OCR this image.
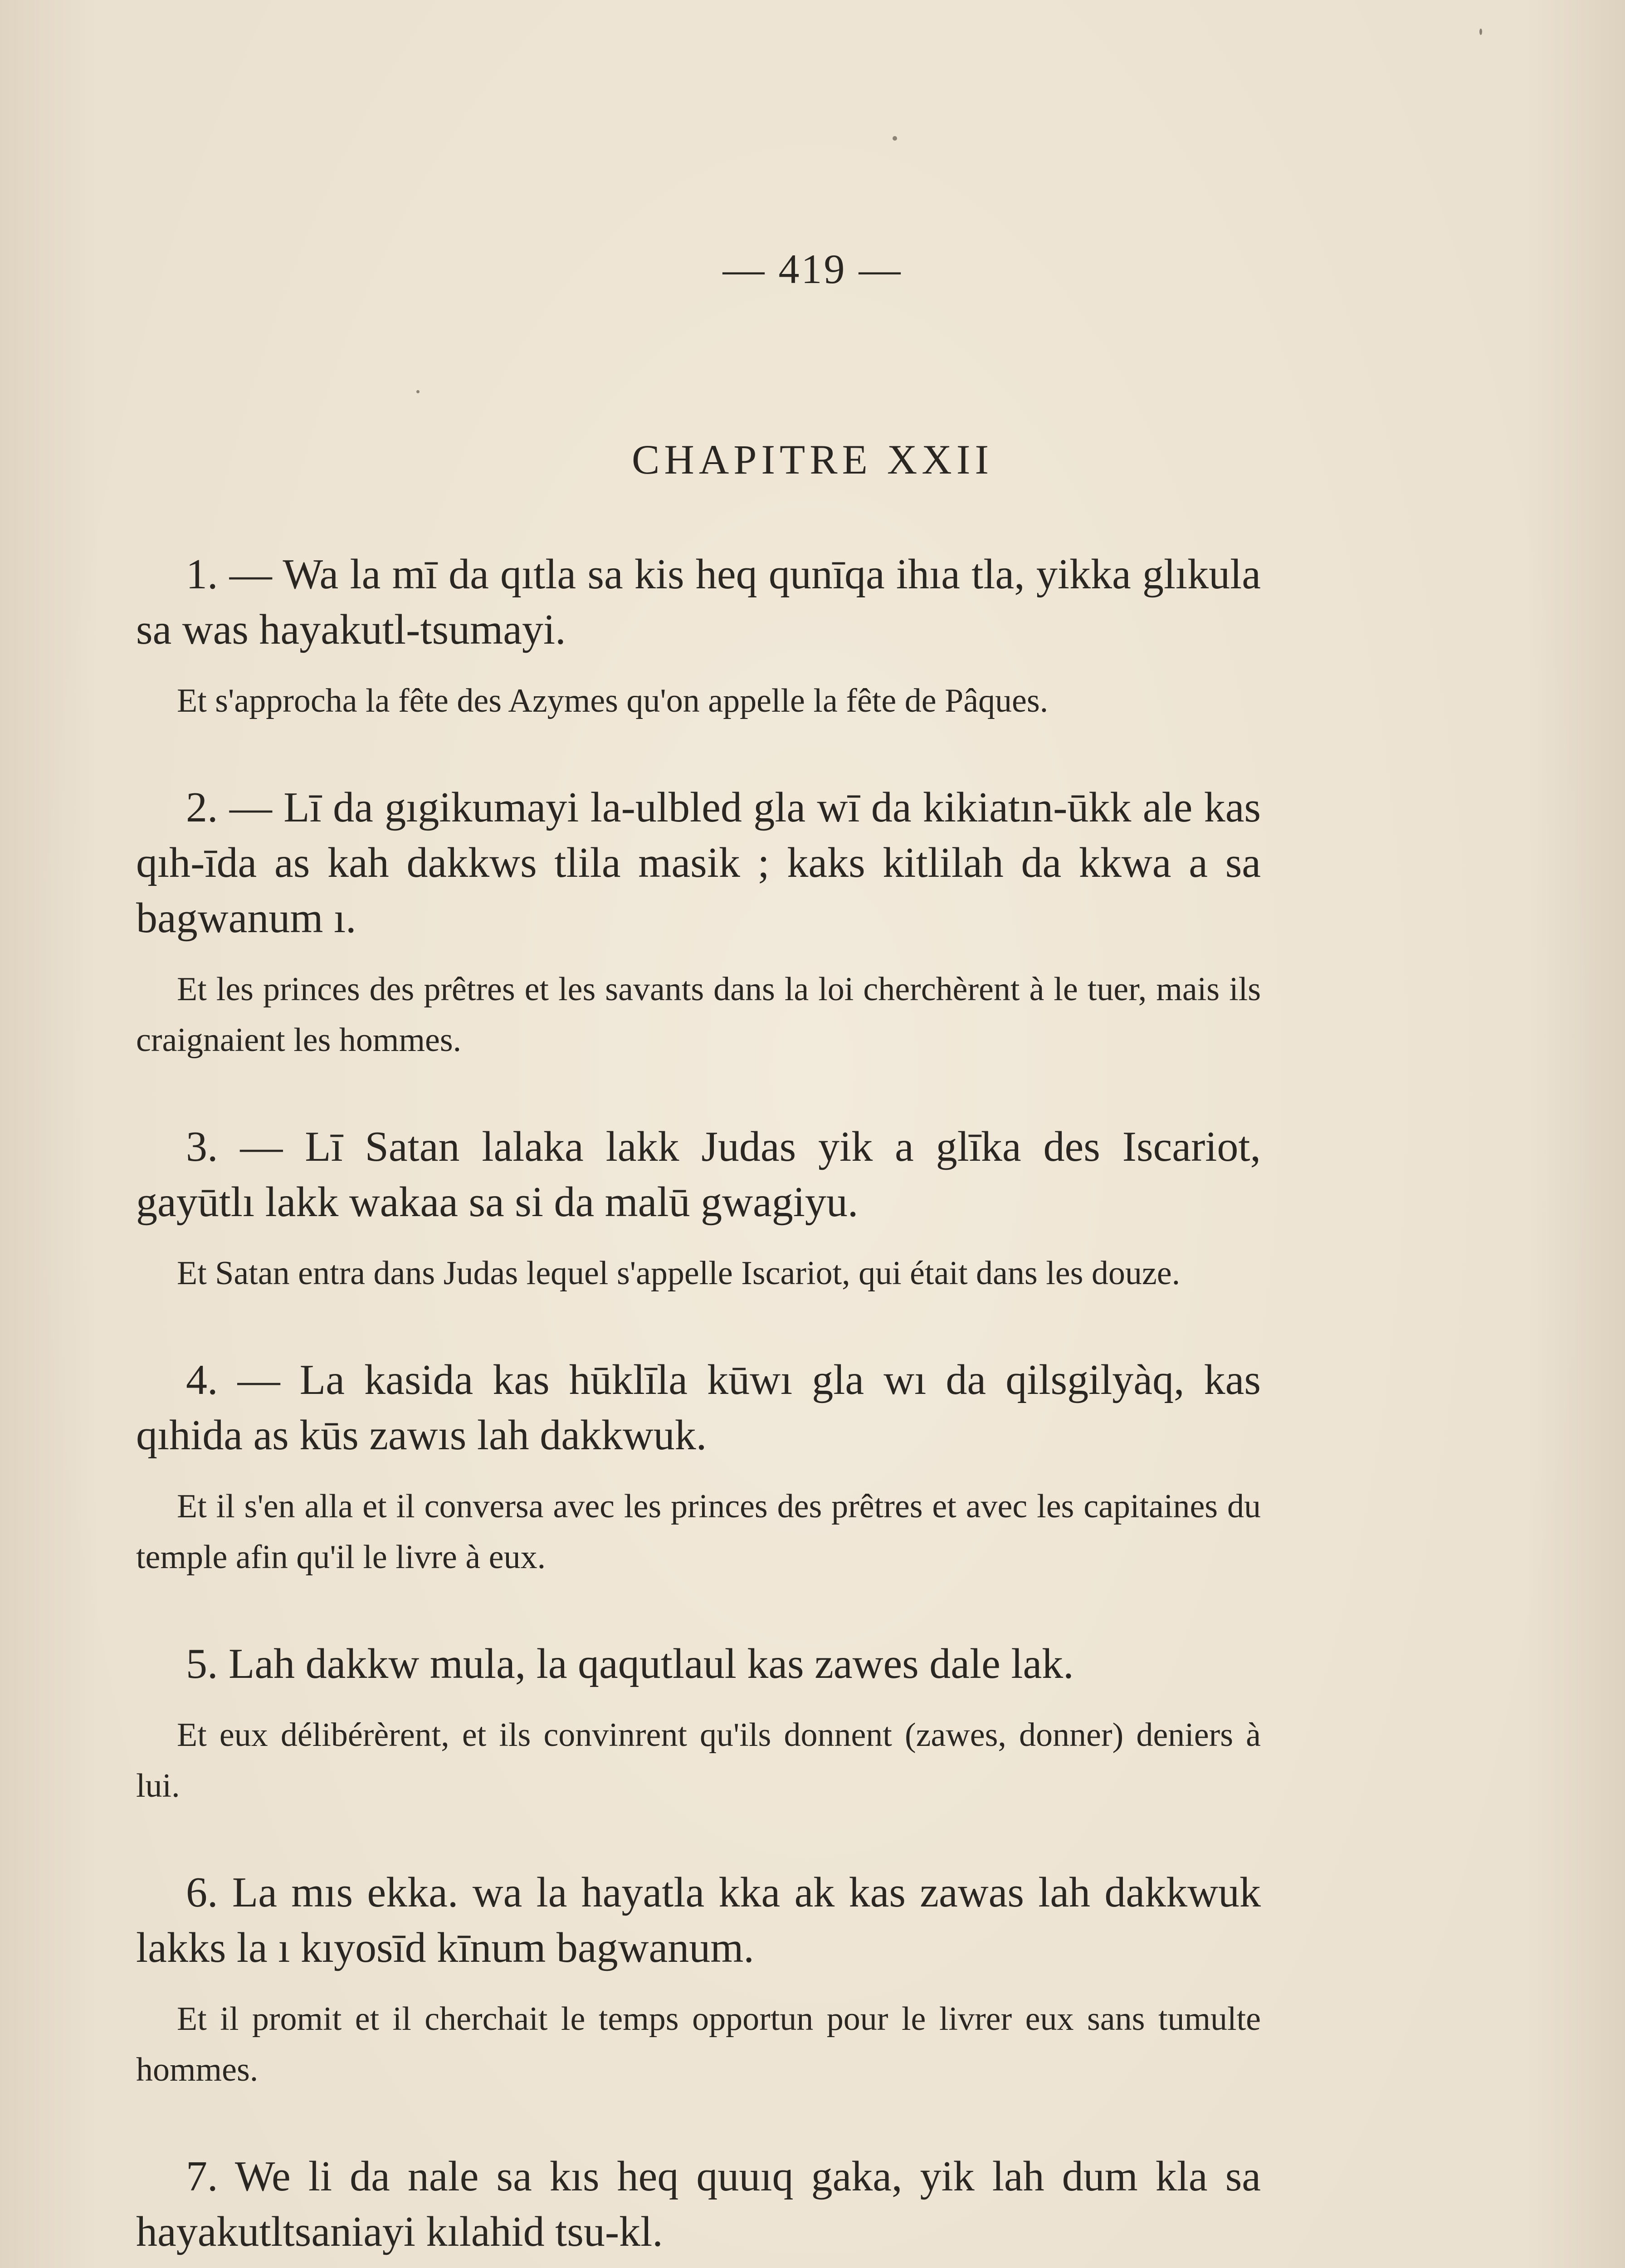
— 419 —
CHAPITRE XXII

1. — Wa la mī da qıtla sa kis heq qunīqa ihıa tla, yikka glıkula sa was hayakutl-tsumayi.

Et s'approcha la fête des Azymes qu'on appelle la fête de Pâques.

2. — Lī da gıgikumayi la-ulbled gla wī da kikiatın-ūkk ale kas qıh-īda as kah dakkws tlila masik ; kaks kitlilah da kkwa a sa bagwanum ı.

Et les princes des prêtres et les savants dans la loi cherchèrent à le tuer, mais ils craignaient les hommes.

3. — Lī Satan lalaka lakk Judas yik a glīka des Iscariot, gayūtlı lakk wakaa sa si da malū gwagiyu.

Et Satan entra dans Judas lequel s'appelle Iscariot, qui était dans les douze.

4. — La kasida kas hūklīla kūwı gla wı da qilsgilyàq, kas qıhida as kūs zawıs lah dakkwuk.

Et il s'en alla et il conversa avec les princes des prêtres et avec les capitaines du temple afin qu'il le livre à eux.

5. Lah dakkw mula, la qaqutlaul kas zawes dale lak.

Et eux délibérèrent, et ils convinrent qu'ils donnent (zawes, donner) deniers à lui.

6. La mıs ekka. wa la hayatla kka ak kas zawas lah dakkwuk lakks la ı kıyosīd kīnum bagwanum.

Et il promit et il cherchait le temps opportun pour le livrer eux sans tumulte hommes.

7. We li da nale sa kıs heq quuıq gaka, yik lah dum kla sa hayakutltsaniayi kılahid tsu-kl.
